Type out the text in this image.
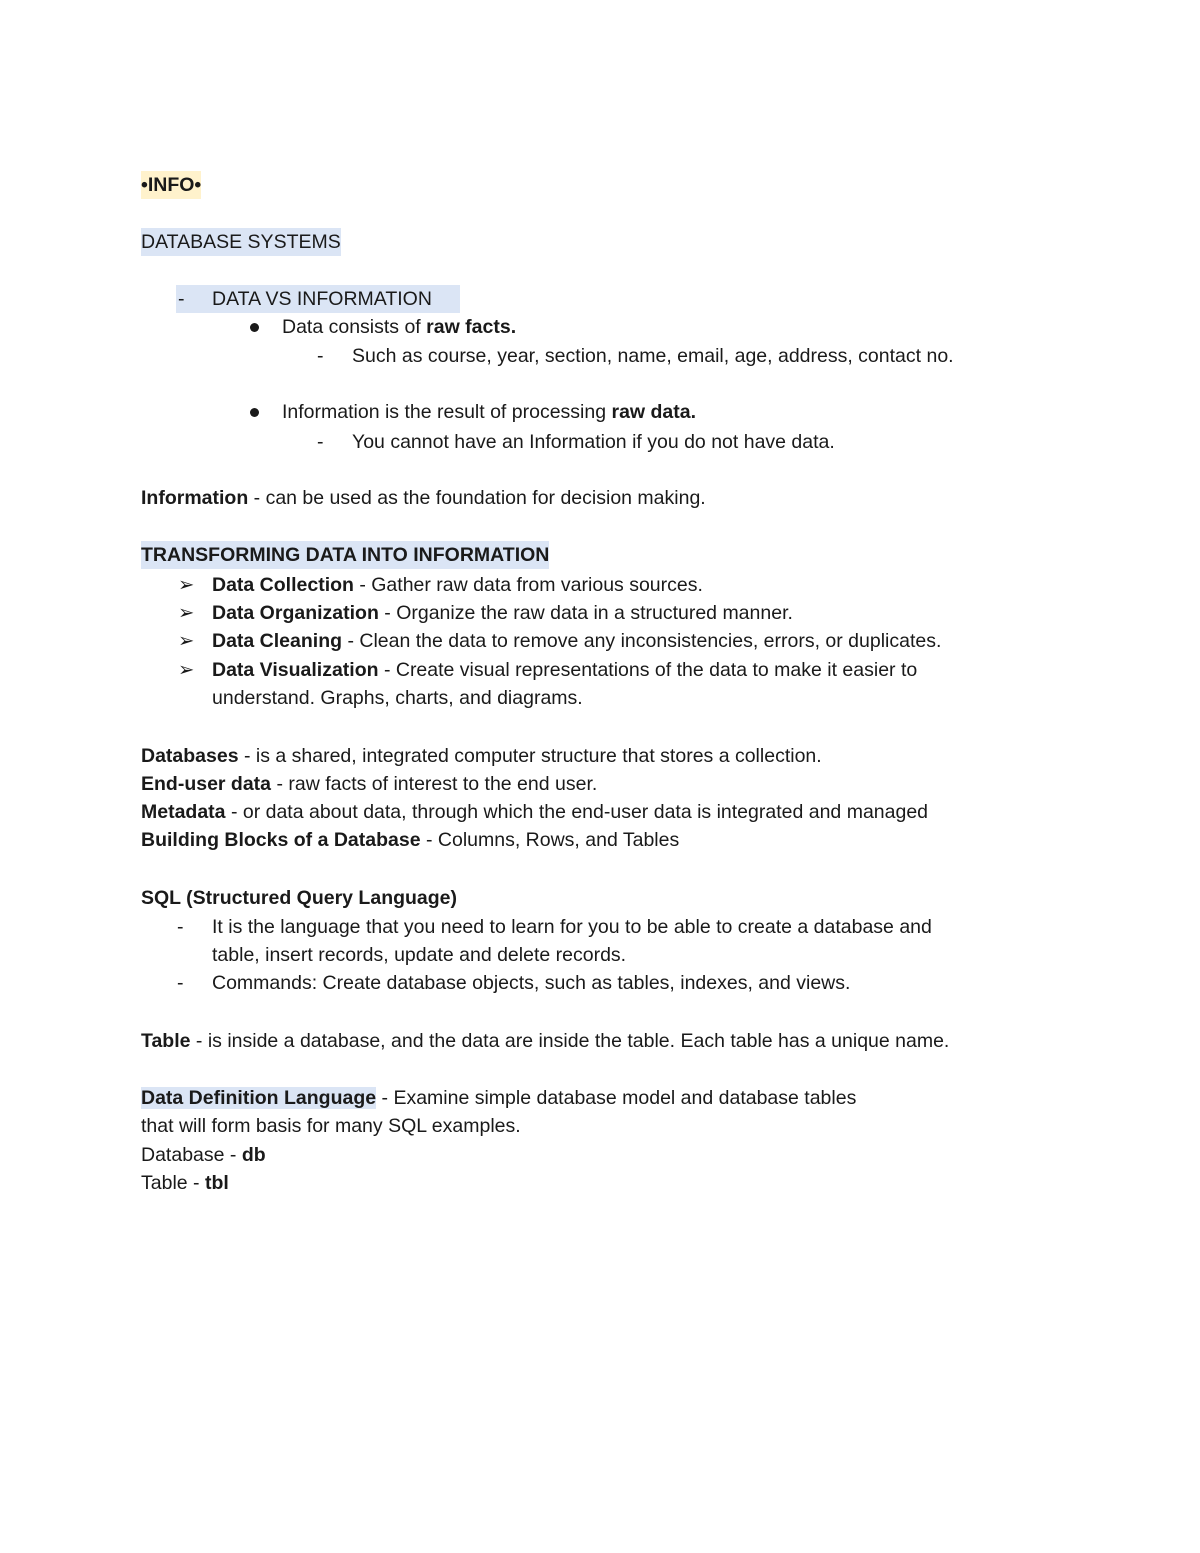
•INFO•
DATABASE SYSTEMS
- DATA VS INFORMATION
Data consists of raw facts.
- Such as course, year, section, name, email, age, address, contact no.
Information is the result of processing raw data.
- You cannot have an Information if you do not have data.
Information - can be used as the foundation for decision making.
TRANSFORMING DATA INTO INFORMATION
➢ Data Collection - Gather raw data from various sources.
➢ Data Organization - Organize the raw data in a structured manner.
➢ Data Cleaning - Clean the data to remove any inconsistencies, errors, or duplicates.
➢ Data Visualization - Create visual representations of the data to make it easier to
understand. Graphs, charts, and diagrams.
Databases - is a shared, integrated computer structure that stores a collection.
End-user data - raw facts of interest to the end user.
Metadata - or data about data, through which the end-user data is integrated and managed
Building Blocks of a Database - Columns, Rows, and Tables
SQL (Structured Query Language)
- It is the language that you need to learn for you to be able to create a database and
table, insert records, update and delete records.
- Commands: Create database objects, such as tables, indexes, and views.
Table - is inside a database, and the data are inside the table. Each table has a unique name.
Data Definition Language - Examine simple database model and database tables
that will form basis for many SQL examples.
Database - db
Table - tbl
